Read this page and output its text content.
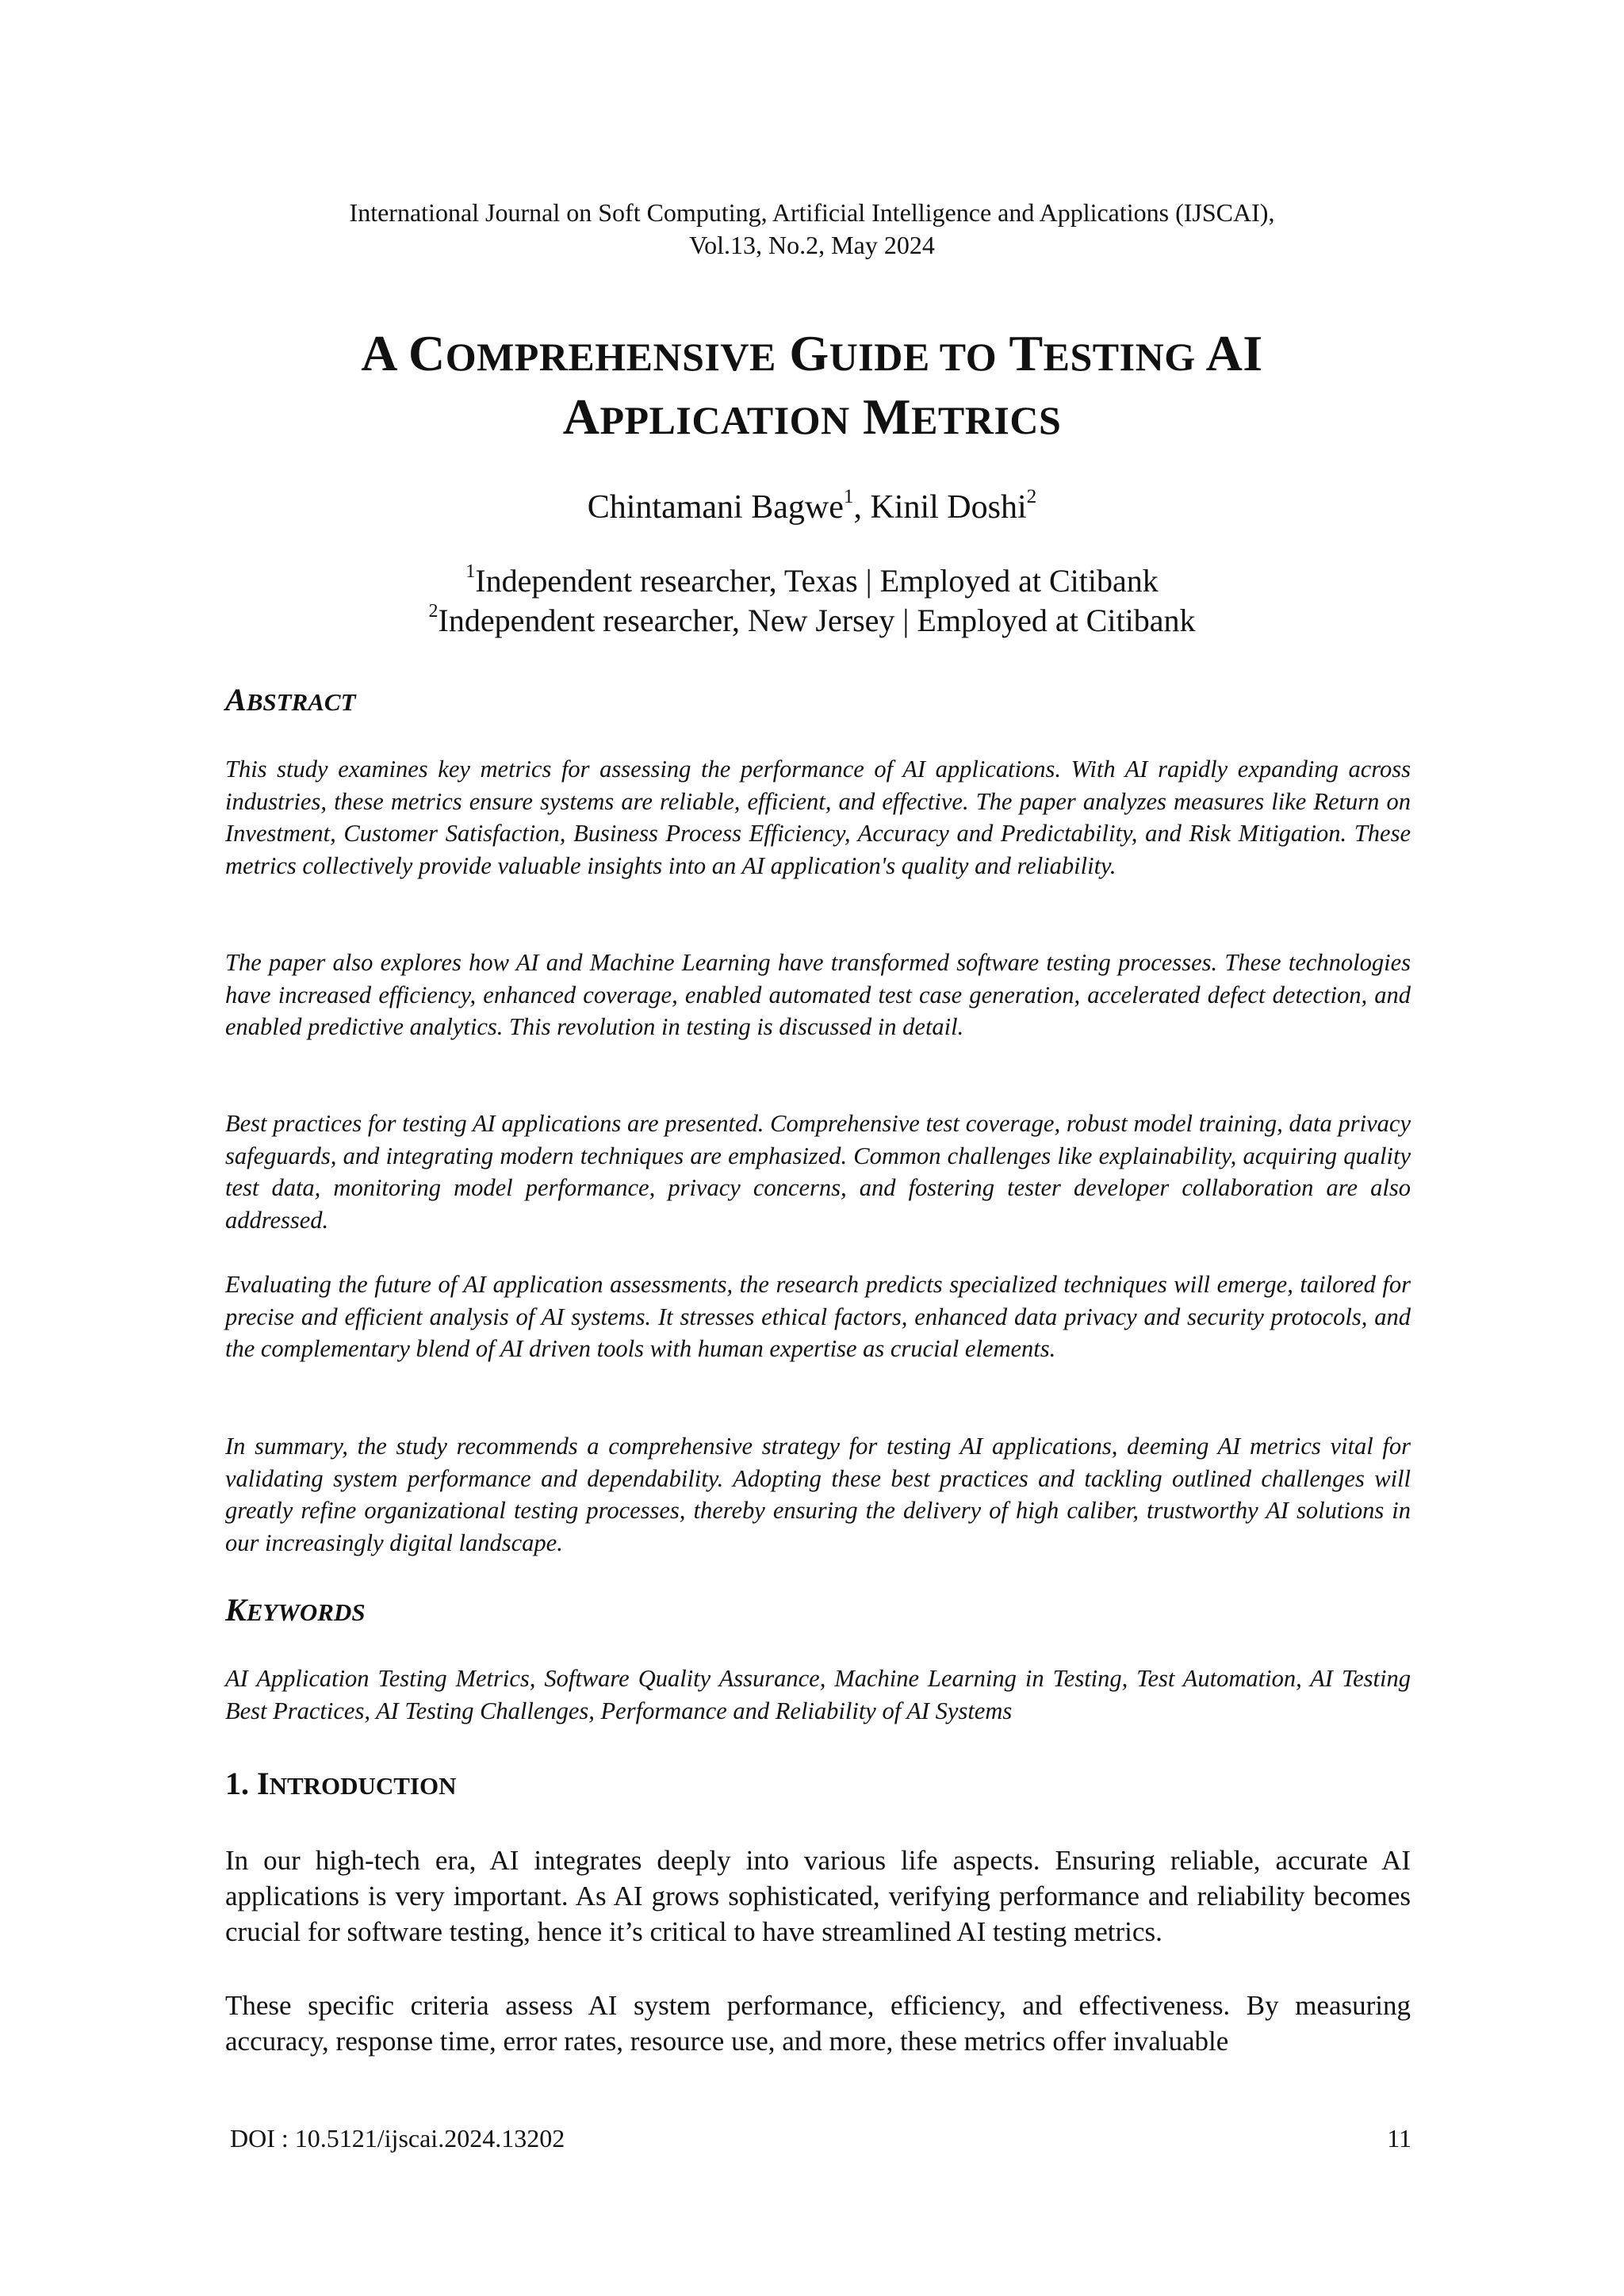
International Journal on Soft Computing, Artificial Intelligence and Applications (IJSCAI),
Vol.13, No.2, May 2024
A COMPREHENSIVE GUIDE TO TESTING AI
APPLICATION METRICS
Chintamani Bagwe$^1$, Kinil Doshi$^2$
$^1$Independent researcher, Texas | Employed at Citibank
$^2$Independent researcher, New Jersey | Employed at Citibank
ABSTRACT

This study examines key metrics for assessing the performance of AI applications. With AI rapidly expanding across industries, these metrics ensure systems are reliable, efficient, and effective. The paper analyzes measures like Return on Investment, Customer Satisfaction, Business Process Efficiency, Accuracy and Predictability, and Risk Mitigation. These metrics collectively provide valuable insights into an AI application's quality and reliability.

The paper also explores how AI and Machine Learning have transformed software testing processes. These technologies have increased efficiency, enhanced coverage, enabled automated test case generation, accelerated defect detection, and enabled predictive analytics. This revolution in testing is discussed in detail.

Best practices for testing AI applications are presented. Comprehensive test coverage, robust model training, data privacy safeguards, and integrating modern techniques are emphasized. Common challenges like explainability, acquiring quality test data, monitoring model performance, privacy concerns, and fostering tester developer collaboration are also addressed.

Evaluating the future of AI application assessments, the research predicts specialized techniques will emerge, tailored for precise and efficient analysis of AI systems. It stresses ethical factors, enhanced data privacy and security protocols, and the complementary blend of AI driven tools with human expertise as crucial elements.

In summary, the study recommends a comprehensive strategy for testing AI applications, deeming AI metrics vital for validating system performance and dependability. Adopting these best practices and tackling outlined challenges will greatly refine organizational testing processes, thereby ensuring the delivery of high caliber, trustworthy AI solutions in our increasingly digital landscape.

KEYWORDS

AI Application Testing Metrics, Software Quality Assurance, Machine Learning in Testing, Test Automation, AI Testing Best Practices, AI Testing Challenges, Performance and Reliability of AI Systems

1. INTRODUCTION

In our high-tech era, AI integrates deeply into various life aspects. Ensuring reliable, accurate AI applications is very important. As AI grows sophisticated, verifying performance and reliability becomes crucial for software testing, hence it’s critical to have streamlined AI testing metrics.

These specific criteria assess AI system performance, efficiency, and effectiveness. By measuring accuracy, response time, error rates, resource use, and more, these metrics offer invaluable

DOI : 10.5121/ijscai.2024.13202	11
